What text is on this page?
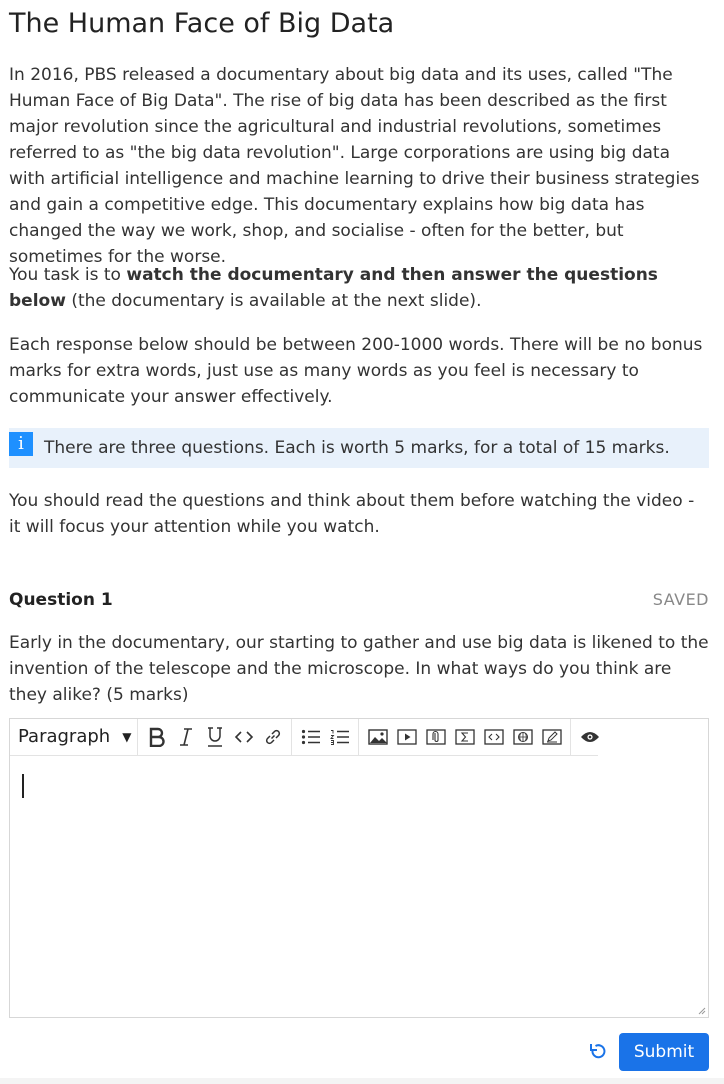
The Human Face of Big Data

In 2016, PBS released a documentary about big data and its uses, called "The Human Face of Big Data". The rise of big data has been described as the first major revolution since the agricultural and industrial revolutions, sometimes referred to as "the big data revolution". Large corporations are using big data with artificial intelligence and machine learning to drive their business strategies and gain a competitive edge. This documentary explains how big data has changed the way we work, shop, and socialise - often for the better, but sometimes for the worse.

You task is to watch the documentary and then answer the questions below (the documentary is available at the next slide).

Each response below should be between 200-1000 words. There will be no bonus marks for extra words, just use as many words as you feel is necessary to communicate your answer effectively.

i	There are three questions. Each is worth 5 marks, for a total of 15 marks.

You should read the questions and think about them before watching the video - it will focus your attention while you watch.

Question 1	SAVED

Early in the documentary, our starting to gather and use big data is likened to the invention of the telescope and the microscope. In what ways do you think are they alike? (5 marks)

Paragraph ▼
Submit
